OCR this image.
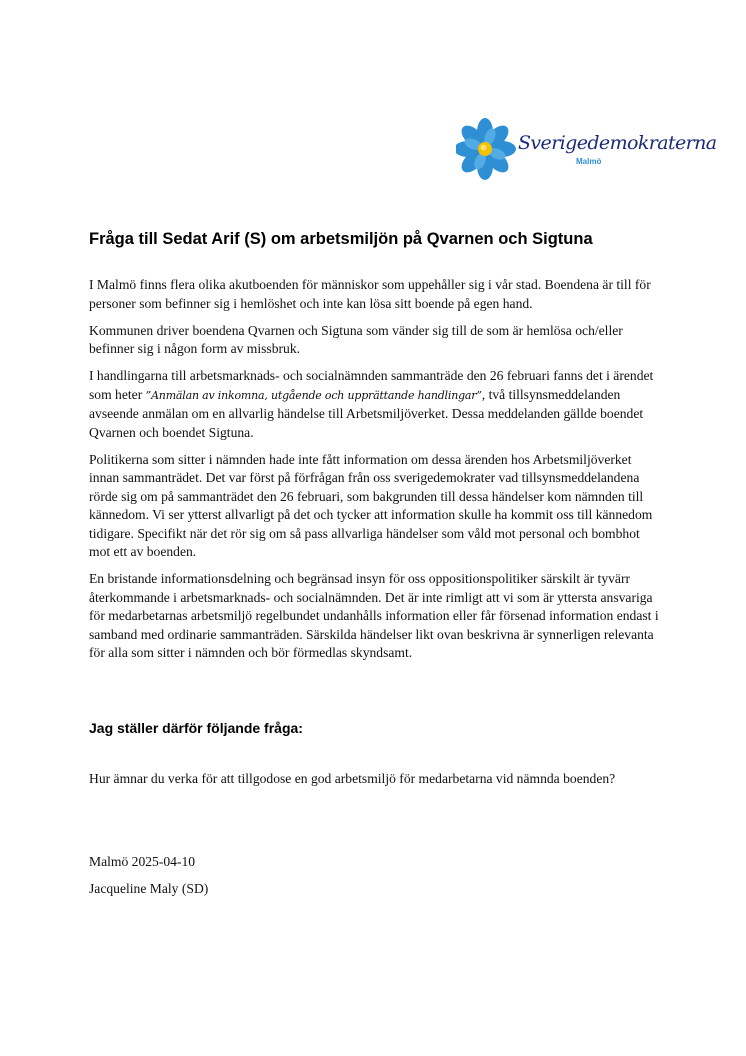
Sverigedemokraterna
Malmö
Fråga till Sedat Arif (S) om arbetsmiljön på Qvarnen och Sigtuna

I Malmö finns flera olika akutboenden för människor som uppehåller sig i vår stad. Boendena är till för personer som befinner sig i hemlöshet och inte kan lösa sitt boende på egen hand.

Kommunen driver boendena Qvarnen och Sigtuna som vänder sig till de som är hemlösa och/eller befinner sig i någon form av missbruk.

I handlingarna till arbetsmarknads- och socialnämnden sammanträde den 26 februari fanns det i ärendet som heter ”Anmälan av inkomna, utgående och upprättande handlingar”, två tillsynsmeddelanden avseende anmälan om en allvarlig händelse till Arbetsmiljöverket. Dessa meddelanden gällde boendet Qvarnen och boendet Sigtuna.

Politikerna som sitter i nämnden hade inte fått information om dessa ärenden hos Arbetsmiljöverket innan sammanträdet. Det var först på förfrågan från oss sverigedemokrater vad tillsynsmeddelandena rörde sig om på sammanträdet den 26 februari, som bakgrunden till dessa händelser kom nämnden till kännedom. Vi ser ytterst allvarligt på det och tycker att information skulle ha kommit oss till kännedom tidigare. Specifikt när det rör sig om så pass allvarliga händelser som våld mot personal och bombhot mot ett av boenden.

En bristande informationsdelning och begränsad insyn för oss oppositionspolitiker särskilt är tyvärr återkommande i arbetsmarknads- och socialnämnden. Det är inte rimligt att vi som är yttersta ansvariga för medarbetarnas arbetsmiljö regelbundet undanhålls information eller får försenad information endast i samband med ordinarie sammanträden. Särskilda händelser likt ovan beskrivna är synnerligen relevanta för alla som sitter i nämnden och bör förmedlas skyndsamt.

Jag ställer därför följande fråga:

Hur ämnar du verka för att tillgodose en god arbetsmiljö för medarbetarna vid nämnda boenden?

Malmö 2025-04-10

Jacqueline Maly (SD)
